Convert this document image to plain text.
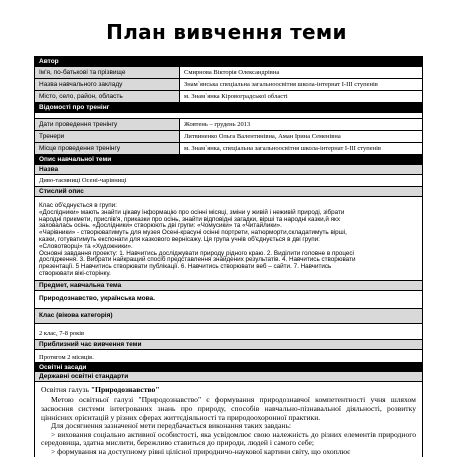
План вивчення теми
Автор
Ім'я, по-батькові та прізвище	Смирнова Вікторія Олександрівна
Назва навчального закладу	Знам`янська спеціальна загальноосвітня школа-інтернат І-ІІІ ступенів
Місто, село, район, область	м. Знам`янка Кіровоградської області
Відомості про тренінг
Дати проведення тренінгу	Жовтень – грудень 2013
Тренери	Литвиненко Ольга Валентинівна, Аман Ірина Семенівна
Місце проведення тренінгу	м. Знам`янка, спеціальна загальноосвітня школа-інтернат І-ІІІ ступенів
Опис навчальної теми
Назва
Диво-таємниці Осені-чарівниці
Стислий опис
Клас об'єднується в групи:
«Дослідники» мають знайти цікаву інформацію про осінні місяці, зміни у живій і неживій природі, зібрати
народні прикмети, прислів'я, приказки про осінь, знайти відповідні загадки, вірші та народні казки,й якх
заховалась осінь. «Дослідники» створюють дві групи: «Чомусики» та «Читайлики».
«Чарівники» - створюватимуть для музея Осені-красуні осінні портрети, натюрморти,складатимуть вірші,
казки, готуватимуть експонати для казкового вернісажу. Ця група учнів об'єднується в дві групи:
«Словотворці» та «Художники».
Основні завдання проекту: 1. Навчитись досліджувати природу рідного краю. 2. Виділити головне в процесі
дослідження. 3. Вибрати найкращий спосіб представлення знайдених результатів. 4. Навчитись створювати
презентації. 5 Навчитись створювати публікації. 6. Навчитись створювати веб – сайти. 7. Навчитись
створювати вікі-сторінку.
Предмет, навчальна тема
Природознавство, українська мова.
Клас (вікова категорія)
2 клас, 7-8 років
Приблизний час вивчення теми
Протягом 2 місяців.
Освітні засади
Державні освітні стандарти

Освітня галузь "Природознавство"

Метою освітньої галузі "Природознавство" є формування природознавчої компетентності учня шляхом засвоєння системи інтегрованих знань про природу, способів навчально-пізнавальної діяльності, розвитку ціннісних орієнтацій у різних сферах життєдіяльності та природоохоронної практики.

Для досягнення зазначеної мети передбачається виконання таких завдань:

> виховання соціально активної особистості, яка усвідомлює свою належність до різних елементів природного середовища, здатна мислити, бережливо ставиться до природи, людей і самого себе;

> формування на доступному рівні цілісної природничо-наукової картини світу, що охоплює
